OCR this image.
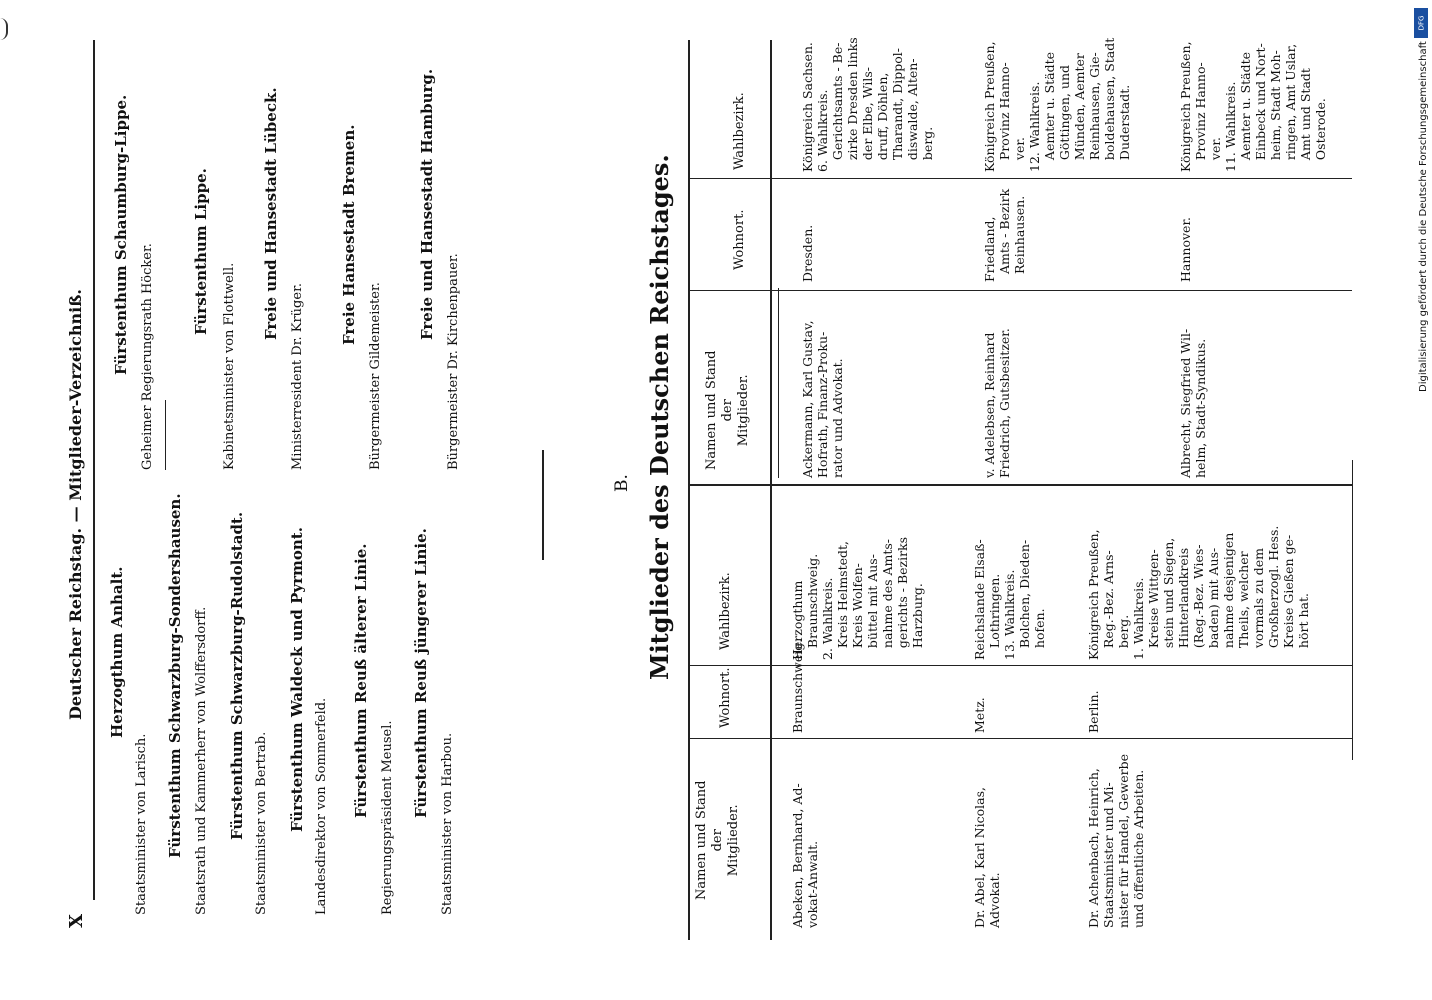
X
Deutscher Reichstag. — Mitglieder-Verzeichniß. Herzogthum Anhalt.
Staatsminister von Larisch. Fürstenthum Schwarzburg-Sondershausen. Staatsrath und Kammerherr von Wolffersdorff. Fürstenthum Schwarzburg-Rudolstadt. Staatsminister von Bertrab. Fürstenthum Waldeck und Pyrmont. Landesdirektor von Sommerfeld. Fürstenthum Reuß älterer Linie. Regierungspräsident Meusel. Fürstenthum Reuß jüngerer Linie.
Staatsminister von Harbou.
Fürstenthum Schaumburg-Lippe. Geheimer Regierungsrath Höcker. Fürstenthum Lippe.
Kabinetsminister von Flottwell.
Freie und Hansestadt Lübeck.
Ministerresident Dr. Krüger.
Freie Hansestadt Bremen.
Bürgermeister Gildemeister.
Freie und Hansestadt Hamburg.
Bürgermeister Dr. Kirchenpauer.
B. Mitglieder des Deutschen Reichstages.
Namen und Stand
der
Mitglieder.
Wohnort.
Wahlbezirk.
Namen und Stand
der
Mitglieder.
Wohnort.
Wahlbezirk.
Abeken, Bernhard, Ad-
vokat-Anwalt.
Braunschweig.
Herzogthum
Braunschweig.
2. Wahlkreis.
Kreis Helmstedt,
Kreis Wolfen-
büttel mit Aus-
nahme des Amts-
gerichts - Bezirks
Harzburg.
Dr. Abel, Karl Nicolas,
Advokat.
Metz.
Reichslande Elsaß-
Lothringen.
13. Wahlkreis.
Bolchen, Dieden-
hofen.
Dr. Achenbach, Heinrich,
Staatsminister und Mi-
nister für Handel, Gewerbe
und öffentliche Arbeiten.
Berlin.
Königreich Preußen,
Reg.-Bez. Arns-
berg.
1. Wahlkreis.
Kreise Wittgen-
stein und Siegen,
Hinterlandkreis
(Reg.-Bez. Wies-
baden) mit Aus-
nahme desjenigen
Theils, welcher
vormals zu dem
Großherzogl. Hess.
Kreise Gießen ge-
hört hat.
Ackermann, Karl Gustav,
Hofrath, Finanz-Proku-
rator und Advokat.
Dresden.
Königreich Sachsen.
6. Wahlkreis.
Gerichtsamts - Be-
zirke Dresden links
der Elbe, Wils-
druff, Döhlen,
Tharandt, Dippol-
diswalde, Alten-
berg.
v. Adelebsen, Reinhard
Friedrich, Gutsbesitzer.
Friedland,
Amts - Bezirk
Reinhausen.
Königreich Preußen,
Provinz Hanno-
ver.
12. Wahlkreis.
Aemter u. Städte
Göttingen, und
Münden, Aemter
Reinhausen, Gie-
boldehausen, Stadt
Duderstadt.
Albrecht, Siegfried Wil-
helm, Stadt-Syndikus.
Hannover.
Königreich Preußen,
Provinz Hanno-
ver.
11. Wahlkreis.
Aemter u. Städte
Einbeck und Nort-
heim, Stadt Moh-
ringen, Amt Uslar,
Amt und Stadt
Osterode.	Digitalisierung gefördert durch die Deutsche Forschungsgemeinschaft
DFG
